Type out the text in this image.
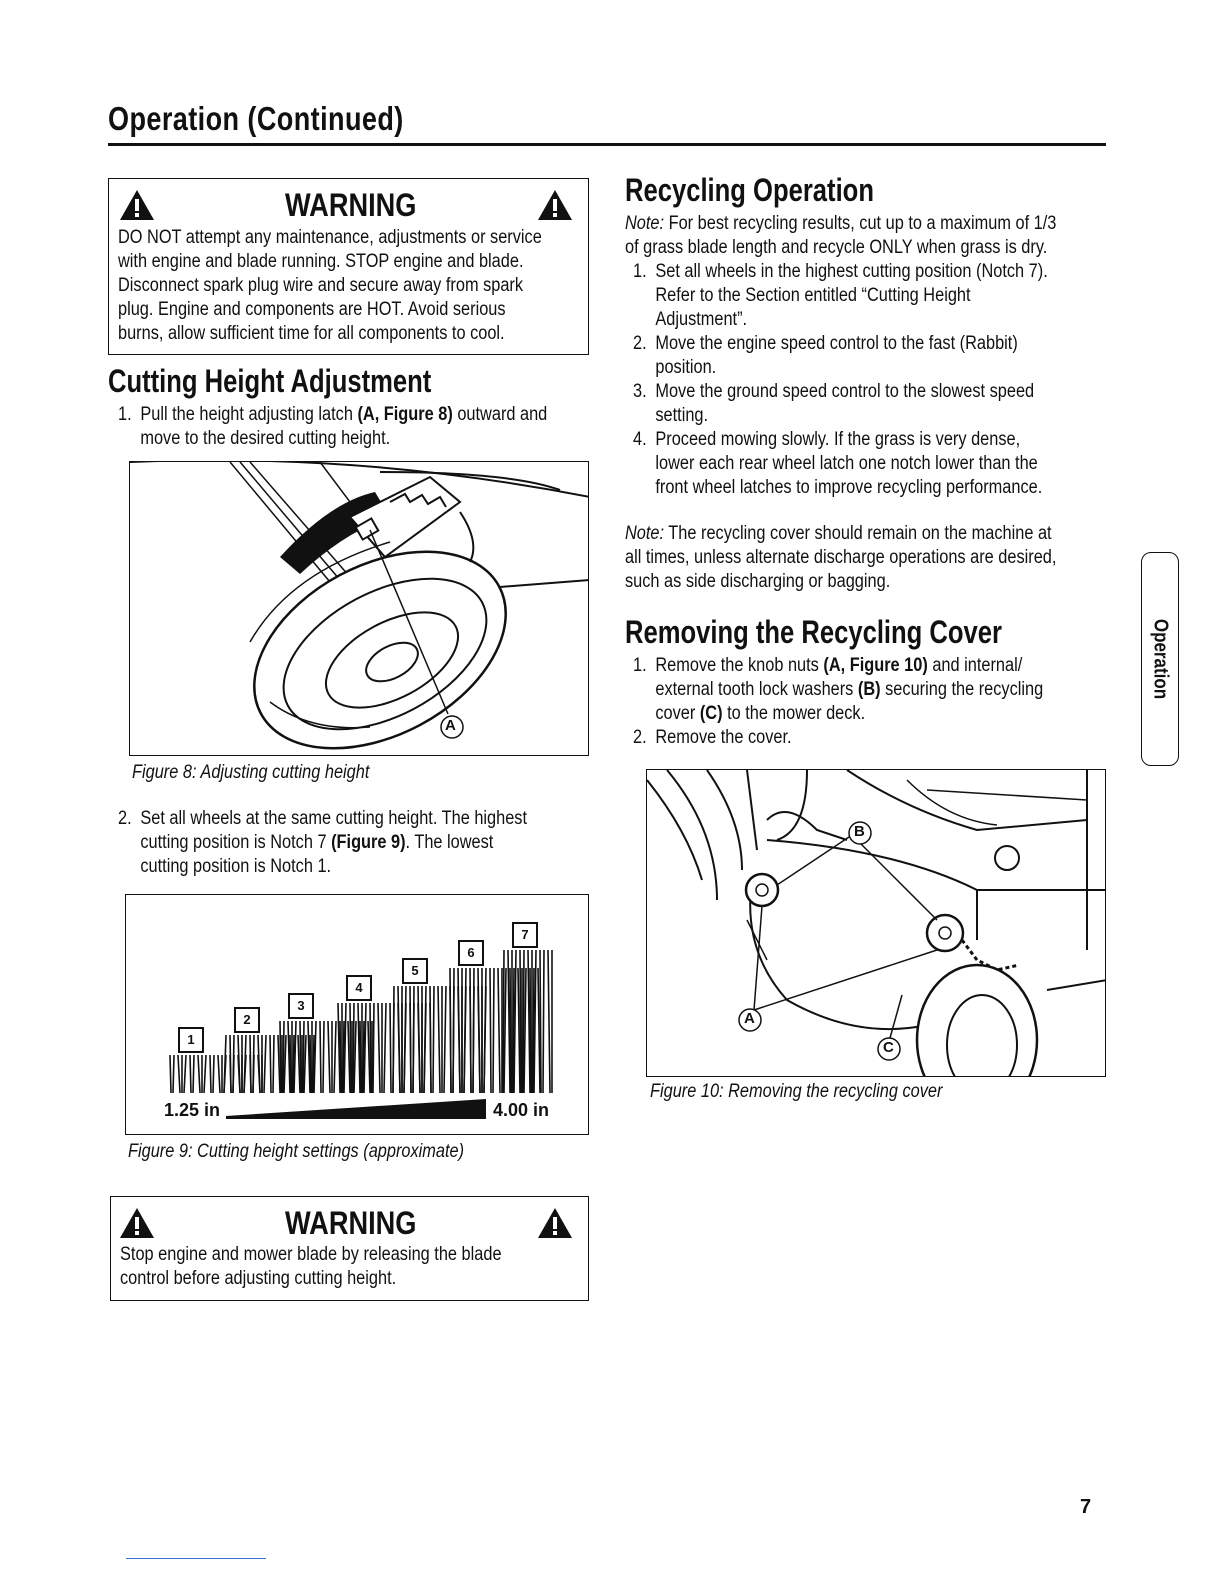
Operation (Continued)
WARNING
DO NOT attempt any maintenance, adjustments or service
with engine and blade running. STOP engine and blade.
Disconnect spark plug wire and secure away from spark
plug. Engine and components are HOT. Avoid serious
burns, allow sufficient time for all components to cool.
Cutting Height Adjustment
1. Pull the height adjusting latch (A, Figure 8) outward and
move to the desired cutting height.
A
Figure 8: Adjusting cutting height
2. Set all wheels at the same cutting height. The highest
cutting position is Notch 7 (Figure 9). The lowest
cutting position is Notch 1.
1
2
3
4
5
6
7
1.25 in	4.00 in
Figure 9: Cutting height settings (approximate)
WARNING
Stop engine and mower blade by releasing the blade
control before adjusting cutting height.
Recycling Operation
Note: For best recycling results, cut up to a maximum of 1/3
of grass blade length and recycle ONLY when grass is dry.
1. Set all wheels in the highest cutting position (Notch 7).
Refer to the Section entitled “Cutting Height
Adjustment”.
2. Move the engine speed control to the fast (Rabbit)
position.
3. Move the ground speed control to the slowest speed
setting.
4. Proceed mowing slowly. If the grass is very dense,
lower each rear wheel latch one notch lower than the
front wheel latches to improve recycling performance.
Note: The recycling cover should remain on the machine at
all times, unless alternate discharge operations are desired,
such as side discharging or bagging.
Removing the Recycling Cover
1. Remove the knob nuts (A, Figure 10) and internal/
external tooth lock washers (B) securing the recycling
cover (C) to the mower deck.
2. Remove the cover.
A
B
C
Figure 10: Removing the recycling cover
Operation
7
